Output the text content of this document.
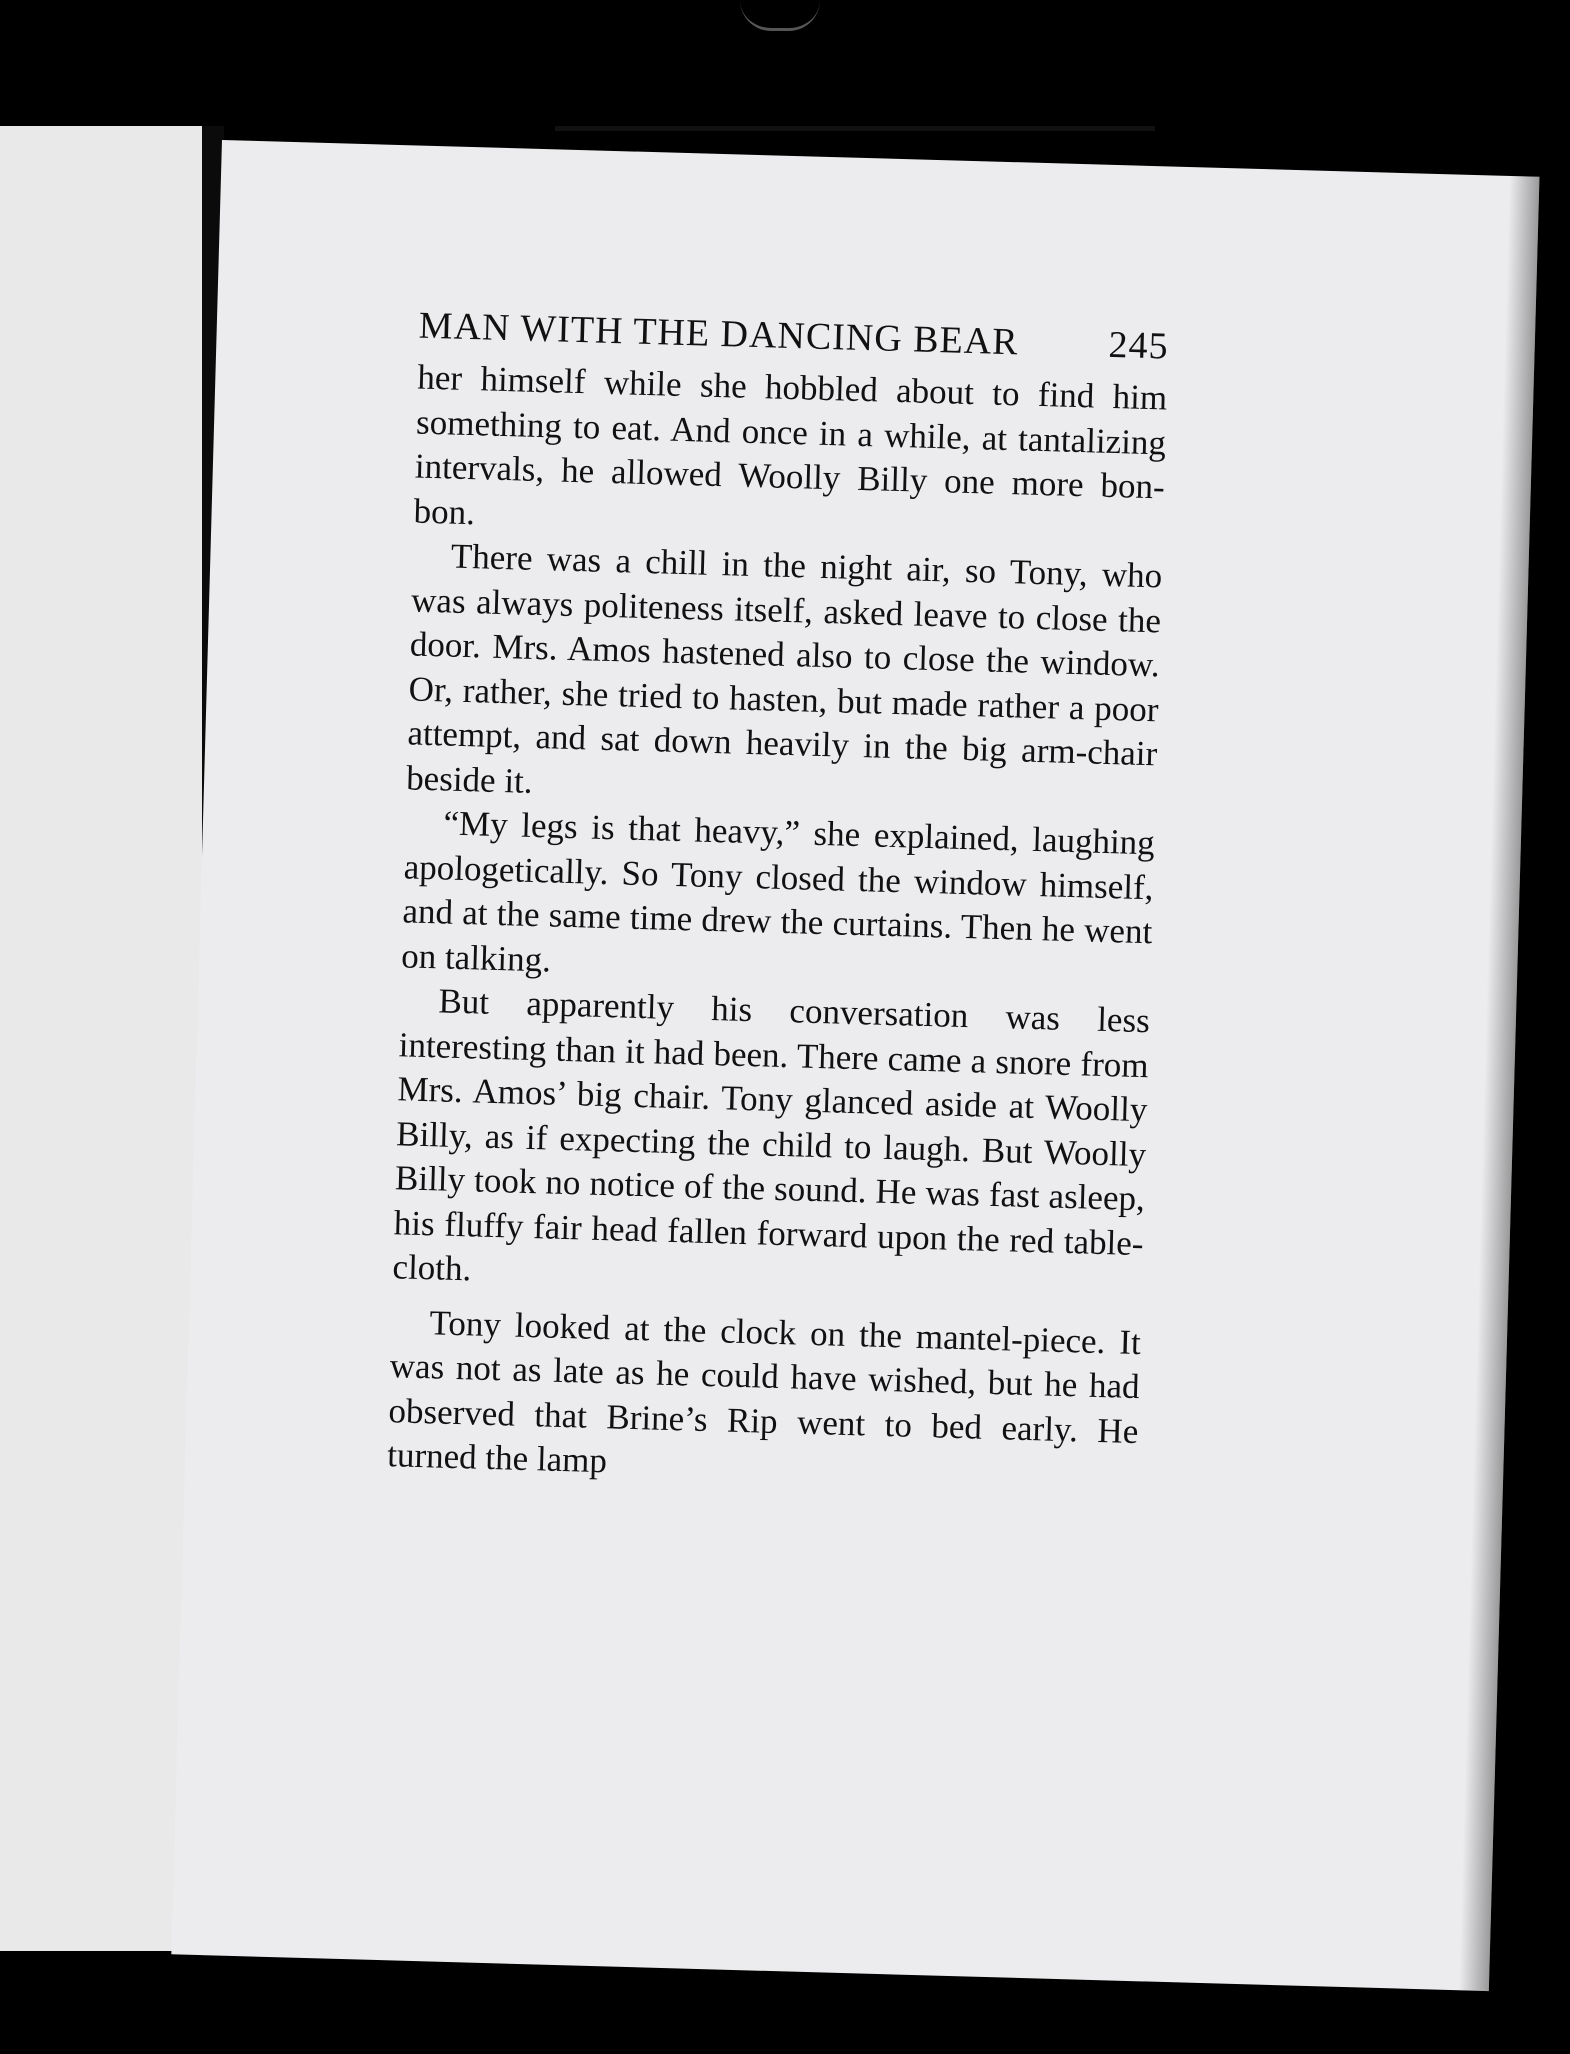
MAN WITH THE DANCING BEAR 245

her himself while she hobbled about to find him something to eat. And once in a while, at tantalizing intervals, he allowed Woolly Billy one more bon-bon.

There was a chill in the night air, so Tony, who was always politeness itself, asked leave to close the door. Mrs. Amos hastened also to close the window. Or, rather, she tried to hasten, but made rather a poor attempt, and sat down heavily in the big arm-chair beside it.

“My legs is that heavy,” she explained, laughing apologetically. So Tony closed the window himself, and at the same time drew the curtains. Then he went on talking.

But apparently his conversation was less interesting than it had been. There came a snore from Mrs. Amos’ big chair. Tony glanced aside at Woolly Billy, as if expecting the child to laugh. But Woolly Billy took no notice of the sound. He was fast asleep, his fluffy fair head fallen forward upon the red table-cloth.

Tony looked at the clock on the mantel-piece. It was not as late as he could have wished, but he had observed that Brine’s Rip went to bed early. He turned the lamp
